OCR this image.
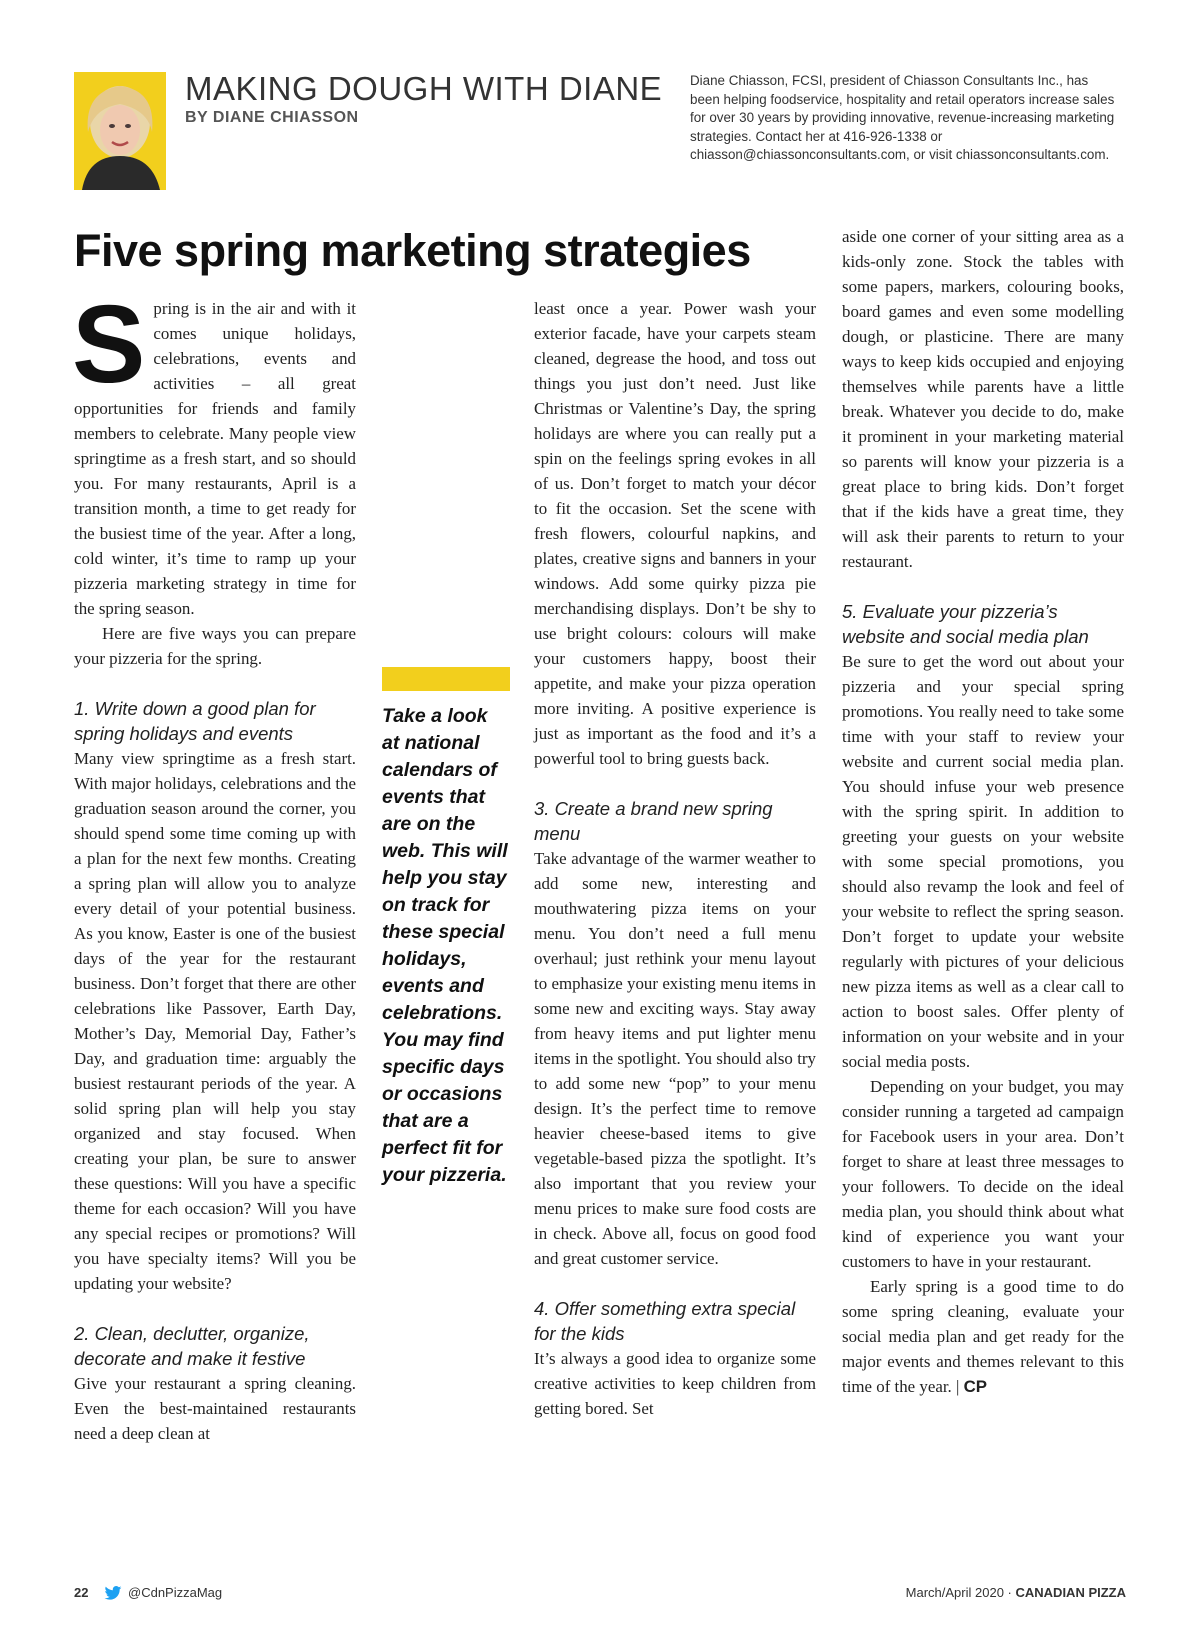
MAKING DOUGH WITH DIANE
BY DIANE CHIASSON
Diane Chiasson, FCSI, president of Chiasson Consultants Inc., has been helping foodservice, hospitality and retail operators increase sales for over 30 years by providing innovative, revenue-increasing marketing strategies. Contact her at 416-926-1338 or chiasson@chiassonconsultants.com, or visit chiassonconsultants.com.
Five spring marketing strategies

Spring is in the air and with it comes unique holidays, celebrations, events and activities – all great opportunities for friends and family members to celebrate. Many people view springtime as a fresh start, and so should you. For many restaurants, April is a transition month, a time to get ready for the busiest time of the year. After a long, cold winter, it’s time to ramp up your pizzeria marketing strategy in time for the spring season.

Here are five ways you can prepare your pizzeria for the spring.

1. Write down a good plan for spring holidays and events

Many view springtime as a fresh start. With major holidays, celebrations and the graduation season around the corner, you should spend some time coming up with a plan for the next few months. Creating a spring plan will allow you to analyze every detail of your potential business. As you know, Easter is one of the busiest days of the year for the restaurant business. Don’t forget that there are other celebrations like Passover, Earth Day, Mother’s Day, Memorial Day, Father’s Day, and graduation time: arguably the busiest restaurant periods of the year. A solid spring plan will help you stay organized and stay focused. When creating your plan, be sure to answer these questions: Will you have a specific theme for each occasion? Will you have any special recipes or promotions? Will you have specialty items? Will you be updating your website?

2. Clean, declutter, organize, decorate and make it festive

Give your restaurant a spring cleaning. Even the best-maintained restaurants need a deep clean at

Take a look at national calendars of events that are on the web. This will help you stay on track for these special holidays, events and celebrations. You may find specific days or occasions that are a perfect fit for your pizzeria.

least once a year. Power wash your exterior facade, have your carpets steam cleaned, degrease the hood, and toss out things you just don’t need. Just like Christmas or Valentine’s Day, the spring holidays are where you can really put a spin on the feelings spring evokes in all of us. Don’t forget to match your décor to fit the occasion. Set the scene with fresh flowers, colourful napkins, and plates, creative signs and banners in your windows. Add some quirky pizza pie merchandising displays. Don’t be shy to use bright colours: colours will make your customers happy, boost their appetite, and make your pizza operation more inviting. A positive experience is just as important as the food and it’s a powerful tool to bring guests back.

3. Create a brand new spring menu

Take advantage of the warmer weather to add some new, interesting and mouthwatering pizza items on your menu. You don’t need a full menu overhaul; just rethink your menu layout to emphasize your existing menu items in some new and exciting ways. Stay away from heavy items and put lighter menu items in the spotlight. You should also try to add some new “pop” to your menu design. It’s the perfect time to remove heavier cheese-based items to give vegetable-based pizza the spotlight. It’s also important that you review your menu prices to make sure food costs are in check. Above all, focus on good food and great customer service.

4. Offer something extra special for the kids

It’s always a good idea to organize some creative activities to keep children from getting bored. Set

aside one corner of your sitting area as a kids-only zone. Stock the tables with some papers, markers, colouring books, board games and even some modelling dough, or plasticine. There are many ways to keep kids occupied and enjoying themselves while parents have a little break. Whatever you decide to do, make it prominent in your marketing material so parents will know your pizzeria is a great place to bring kids. Don’t forget that if the kids have a great time, they will ask their parents to return to your restaurant.

5. Evaluate your pizzeria’s website and social media plan

Be sure to get the word out about your pizzeria and your special spring promotions. You really need to take some time with your staff to review your website and current social media plan. You should infuse your web presence with the spring spirit. In addition to greeting your guests on your website with some special promotions, you should also revamp the look and feel of your website to reflect the spring season. Don’t forget to update your website regularly with pictures of your delicious new pizza items as well as a clear call to action to boost sales. Offer plenty of information on your website and in your social media posts.

Depending on your budget, you may consider running a targeted ad campaign for Facebook users in your area. Don’t forget to share at least three messages to your followers. To decide on the ideal media plan, you should think about what kind of experience you want your customers to have in your restaurant.

Early spring is a good time to do some spring cleaning, evaluate your social media plan and get ready for the major events and themes relevant to this time of the year. | CP

22	@CdnPizzaMag	March/April 2020 · CANADIAN PIZZA
